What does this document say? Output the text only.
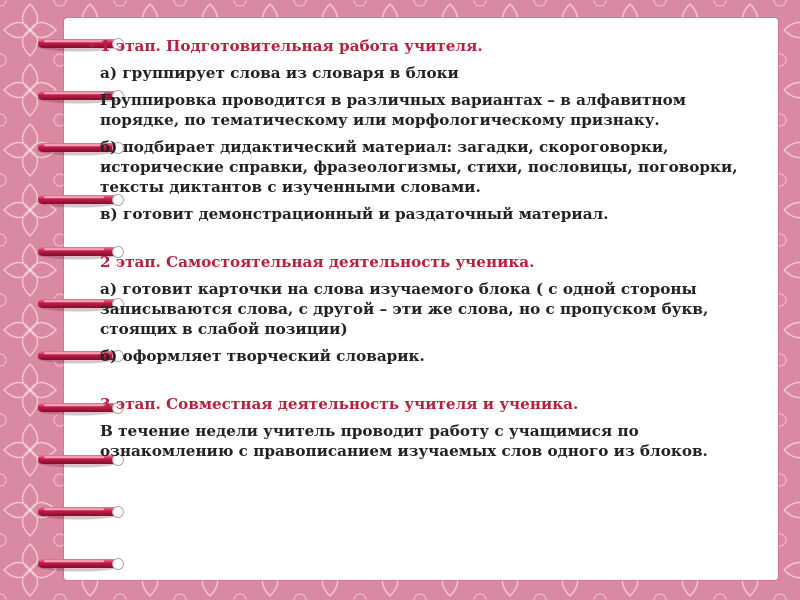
• 1 этап. Подготовительная работа учителя.

а) группирует слова из словаря в блоки

Группировка проводится в различных вариантах – в алфавитном порядке, по тематическому или морфологическому признаку.

б) подбирает дидактический материал: загадки, скороговорки, исторические справки, фразеологизмы, стихи, пословицы, поговорки, тексты диктантов с изученными словами.

в) готовит демонстрационный и раздаточный материал.

2 этап. Самостоятельная деятельность ученика.

а) готовит карточки на слова изучаемого блока ( с одной стороны записываются слова, с другой – эти же слова, но с пропуском букв, стоящих в слабой позиции)

б) оформляет творческий словарик.

3 этап. Совместная деятельность учителя и ученика.

В течение недели учитель проводит работу с учащимися по ознакомлению с правописанием изучаемых слов одного из блоков.
